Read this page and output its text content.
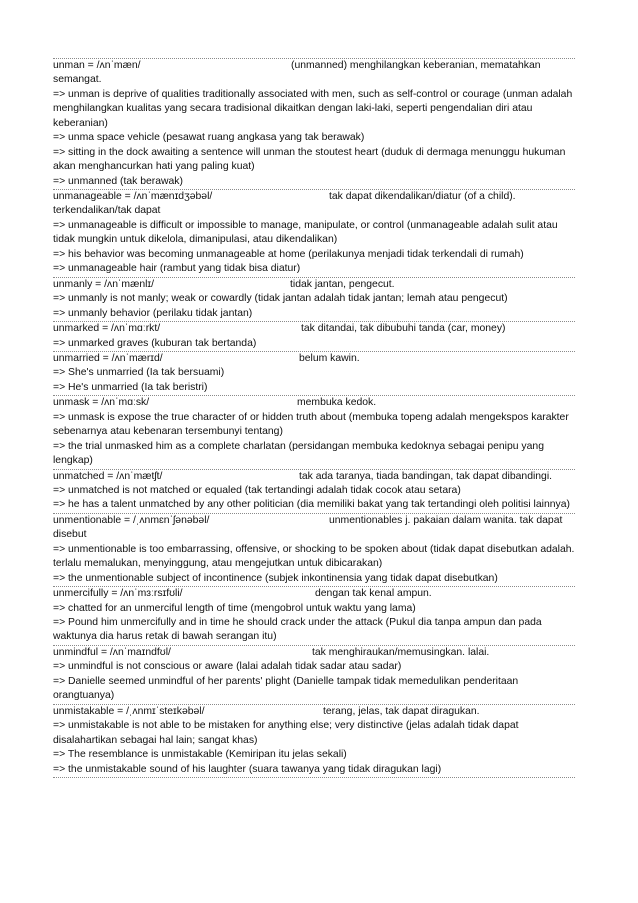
unman = /ʌnˈmæn/	(unmanned) menghilangkan keberanian, mematahkan
semangat.
=> unman is deprive of qualities traditionally associated with men, such as self-control or courage (unman adalah menghilangkan kualitas yang secara tradisional dikaitkan dengan laki-laki, seperti pengendalian diri atau keberanian)
=> unma space vehicle (pesawat ruang angkasa yang tak berawak)
=> sitting in the dock awaiting a sentence will unman the stoutest heart (duduk di dermaga menunggu hukuman akan menghancurkan hati yang paling kuat)
=> unmanned (tak berawak)
unmanageable = /ʌnˈmænɪdʒəbəl/	tak dapat dikendalikan/diatur (of a child).
terkendalikan/tak dapat
=> unmanageable is difficult or impossible to manage, manipulate, or control (unmanageable adalah sulit atau tidak mungkin untuk dikelola, dimanipulasi, atau dikendalikan)
=> his behavior was becoming unmanageable at home (perilakunya menjadi tidak terkendali di rumah)
=> unmanageable hair (rambut yang tidak bisa diatur)
unmanly = /ʌnˈmænlɪ/	tidak jantan, pengecut.
=> unmanly is not manly; weak or cowardly (tidak jantan adalah tidak jantan; lemah atau pengecut)
=> unmanly behavior (perilaku tidak jantan)
unmarked = /ʌnˈmɑːrkt/	tak ditandai, tak dibubuhi tanda (car, money)
=> unmarked graves (kuburan tak bertanda)
unmarried = /ʌnˈmærɪd/	belum kawin.
=> She's unmarried (Ia tak bersuami)
=> He's unmarried (Ia tak beristri)
unmask = /ʌnˈmɑːsk/	membuka kedok.
=> unmask is expose the true character of or hidden truth about (membuka topeng adalah mengekspos karakter sebenarnya atau kebenaran tersembunyi tentang)
=> the trial unmasked him as a complete charlatan (persidangan membuka kedoknya sebagai penipu yang lengkap)
unmatched = /ʌnˈmætʃt/	tak ada taranya, tiada bandingan, tak dapat dibandingi.
=> unmatched is not matched or equaled (tak tertandingi adalah tidak cocok atau setara)
=> he has a talent unmatched by any other politician (dia memiliki bakat yang tak tertandingi oleh politisi lainnya)
unmentionable = /ˌʌnmɛnˈʃənəbəl/	unmentionables j. pakaian dalam wanita. tak dapat
disebut
=> unmentionable is too embarrassing, offensive, or shocking to be spoken about (tidak dapat disebutkan adalah. terlalu memalukan, menyinggung, atau mengejutkan untuk dibicarakan)
=> the unmentionable subject of incontinence (subjek inkontinensia yang tidak dapat disebutkan)
unmercifully = /ʌnˈmɜːrsɪfʊli/	dengan tak kenal ampun.
=> chatted for an unmerciful length of time (mengobrol untuk waktu yang lama)
=> Pound him unmercifully and in time he should crack under the attack (Pukul dia tanpa ampun dan pada waktunya dia harus retak di bawah serangan itu)
unmindful = /ʌnˈmaɪndfʊl/	tak menghiraukan/memusingkan. lalai.
=> unmindful is not conscious or aware (lalai adalah tidak sadar atau sadar)
=> Danielle seemed unmindful of her parents' plight (Danielle tampak tidak memedulikan penderitaan orangtuanya)
unmistakable = /ˌʌnmɪˈsteɪkəbəl/	terang, jelas, tak dapat diragukan.
=> unmistakable is not able to be mistaken for anything else; very distinctive (jelas adalah tidak dapat disalahartikan sebagai hal lain; sangat khas)
=> The resemblance is unmistakable (Kemiripan itu jelas sekali)
=> the unmistakable sound of his laughter (suara tawanya yang tidak diragukan lagi)
